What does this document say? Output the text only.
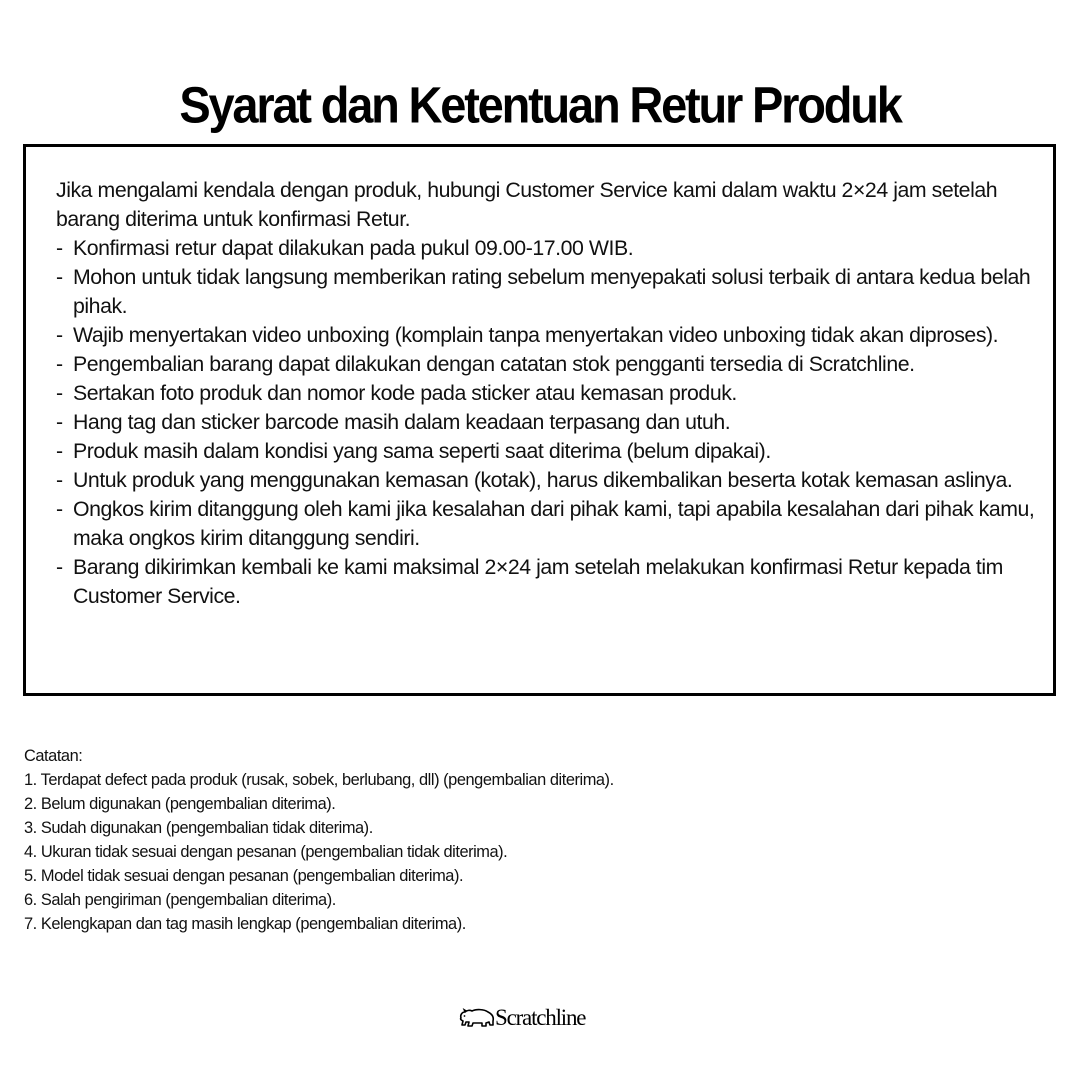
Syarat dan Ketentuan Retur Produk

Jika mengalami kendala dengan produk, hubungi Customer Service kami dalam waktu 2×24 jam setelah barang diterima untuk konfirmasi Retur.

- Konfirmasi retur dapat dilakukan pada pukul 09.00-17.00 WIB.
- Mohon untuk tidak langsung memberikan rating sebelum menyepakati solusi terbaik di antara kedua belah pihak.
- Wajib menyertakan video unboxing (komplain tanpa menyertakan video unboxing tidak akan diproses).
- Pengembalian barang dapat dilakukan dengan catatan stok pengganti tersedia di Scratchline.
- Sertakan foto produk dan nomor kode pada sticker atau kemasan produk.
- Hang tag dan sticker barcode masih dalam keadaan terpasang dan utuh.
- Produk masih dalam kondisi yang sama seperti saat diterima (belum dipakai).
- Untuk produk yang menggunakan kemasan (kotak), harus dikembalikan beserta kotak kemasan aslinya.
- Ongkos kirim ditanggung oleh kami jika kesalahan dari pihak kami, tapi apabila kesalahan dari pihak kamu, maka ongkos kirim ditanggung sendiri.
- Barang dikirimkan kembali ke kami maksimal 2×24 jam setelah melakukan konfirmasi Retur kepada tim Customer Service.
Catatan:
1. Terdapat defect pada produk (rusak, sobek, berlubang, dll) (pengembalian diterima).
2. Belum digunakan (pengembalian diterima).
3. Sudah digunakan (pengembalian tidak diterima).
4. Ukuran tidak sesuai dengan pesanan (pengembalian tidak diterima).
5. Model tidak sesuai dengan pesanan (pengembalian diterima).
6. Salah pengiriman (pengembalian diterima).
7. Kelengkapan dan tag masih lengkap (pengembalian diterima).
Scratchline
